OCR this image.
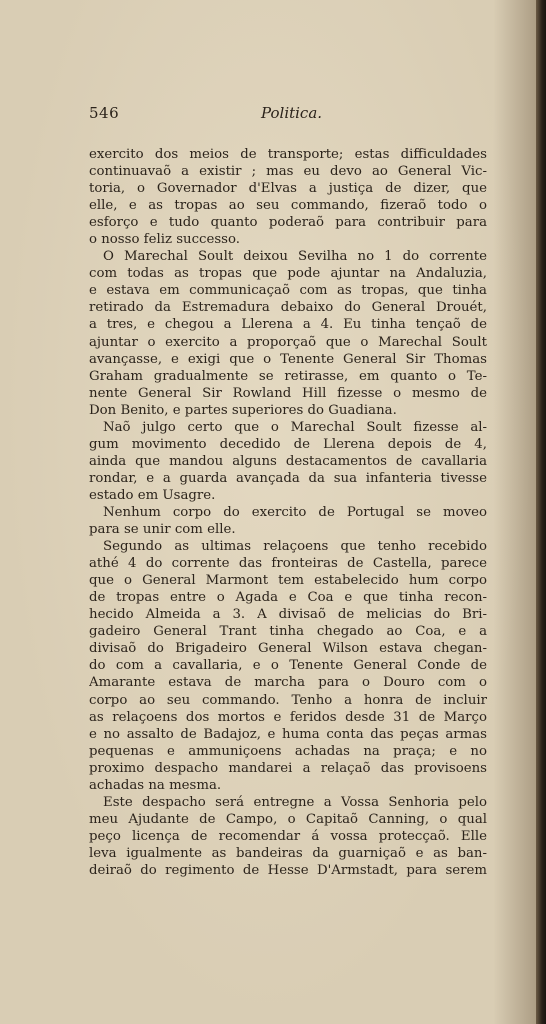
546	Politica.
exercito dos meios de transporte; estas difficuldades
continuavaõ a existir ; mas eu devo ao General Vic-
toria, o Governador d'Elvas a justiça de dizer, que
elle, e as tropas ao seu commando, fizeraõ todo o
esforço e tudo quanto poderaõ para contribuir para
o nosso feliz successo.
O Marechal Soult deixou Sevilha no 1 do corrente
com todas as tropas que pode ajuntar na Andaluzia,
e estava em communicaçaõ com as tropas, que tinha
retirado da Estremadura debaixo do General Drouét,
a tres, e chegou a Llerena a 4. Eu tinha tençaõ de
ajuntar o exercito a proporçaõ que o Marechal Soult
avançasse, e exigi que o Tenente General Sir Thomas
Graham gradualmente se retirasse, em quanto o Te-
nente General Sir Rowland Hill fizesse o mesmo de
Don Benito, e partes superiores do Guadiana.
Naõ julgo certo que o Marechal Soult fizesse al-
gum movimento decedido de Llerena depois de 4,
ainda que mandou alguns destacamentos de cavallaria
rondar, e a guarda avançada da sua infanteria tivesse
estado em Usagre.
Nenhum corpo do exercito de Portugal se moveo
para se unir com elle.
Segundo as ultimas relaçoens que tenho recebido
athé 4 do corrente das fronteiras de Castella, parece
que o General Marmont tem estabelecido hum corpo
de tropas entre o Agada e Coa e que tinha recon-
hecido Almeida a 3. A divisaõ de melicias do Bri-
gadeiro General Trant tinha chegado ao Coa, e a
divisaõ do Brigadeiro General Wilson estava chegan-
do com a cavallaria, e o Tenente General Conde de
Amarante estava de marcha para o Douro com o
corpo ao seu commando. Tenho a honra de incluir
as relaçoens dos mortos e feridos desde 31 de Março
e no assalto de Badajoz, e huma conta das peças armas
pequenas e ammuniçoens achadas na praça; e no
proximo despacho mandarei a relaçaõ das provisoens
achadas na mesma.
Este despacho será entregne a Vossa Senhoria pelo
meu Ajudante de Campo, o Capitaõ Canning, o qual
peço licença de recomendar á vossa protecçaõ. Elle
leva igualmente as bandeiras da guarniçaõ e as ban-
deiraõ do regimento de Hesse D'Armstadt, para serem
